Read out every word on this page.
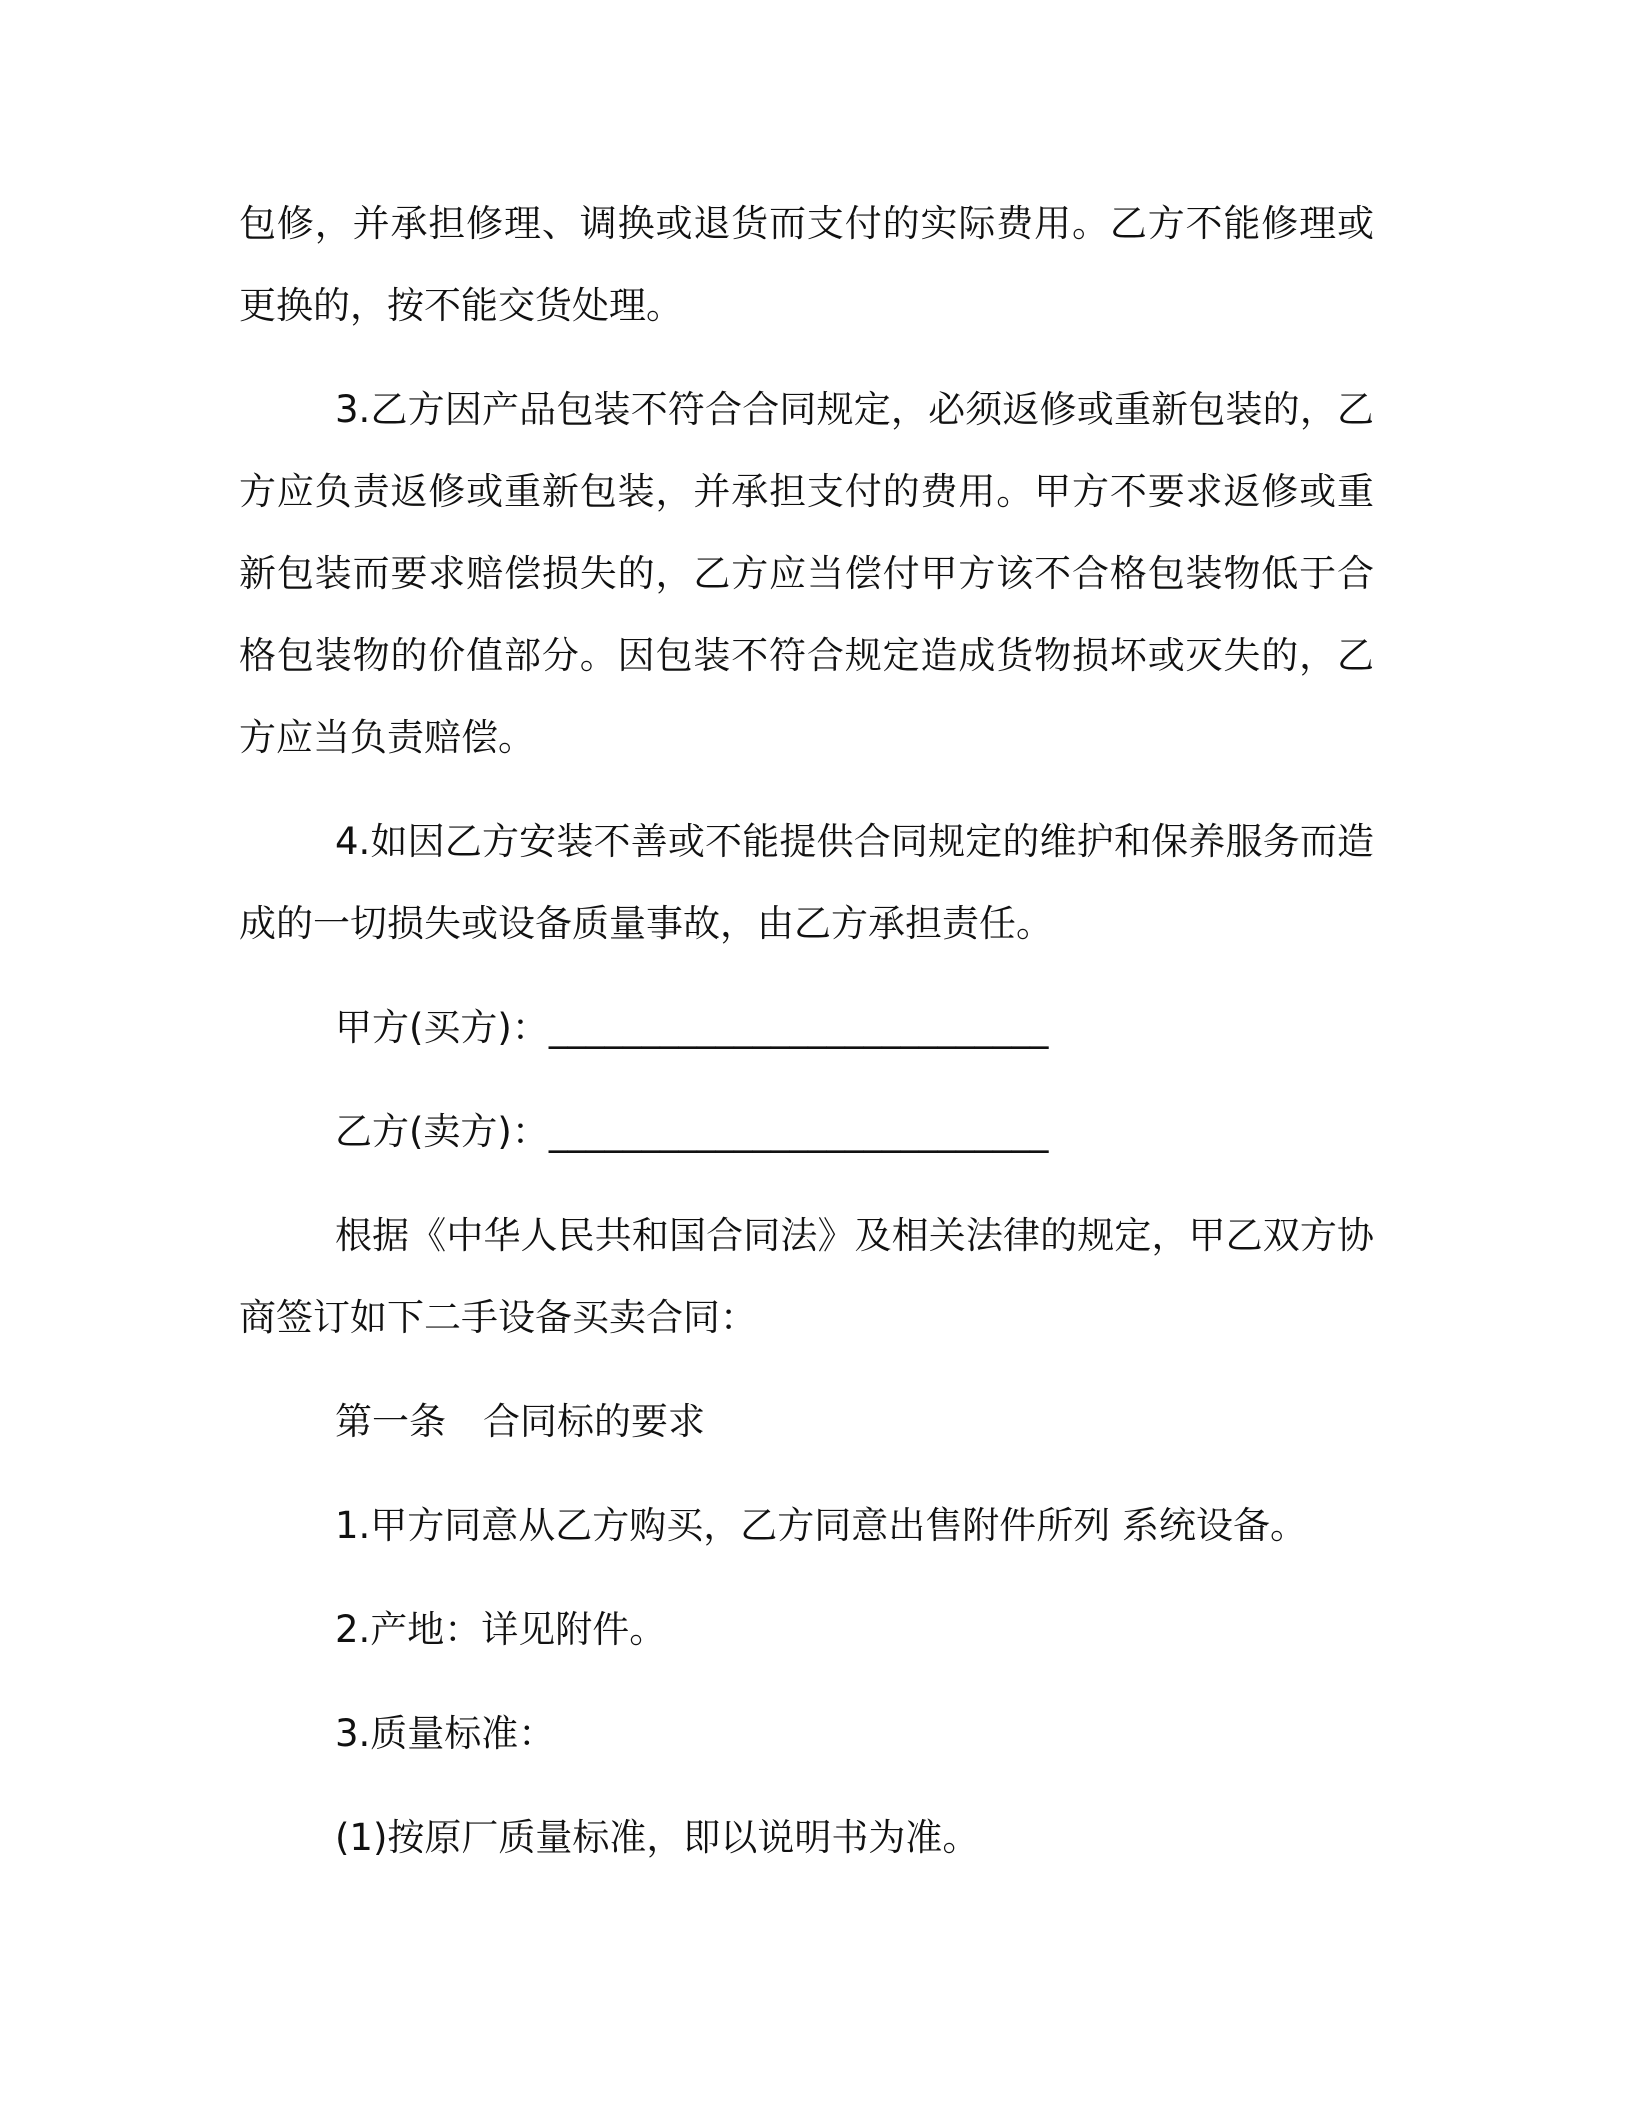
包修，并承担修理、调换或退货而支付的实际费用。乙方不能修理或更换的，按不能交货处理。

3.乙方因产品包装不符合合同规定，必须返修或重新包装的，乙方应负责返修或重新包装，并承担支付的费用。甲方不要求返修或重新包装而要求赔偿损失的，乙方应当偿付甲方该不合格包装物低于合格包装物的价值部分。因包装不符合规定造成货物损坏或灭失的，乙方应当负责赔偿。

4.如因乙方安装不善或不能提供合同规定的维护和保养服务而造成的一切损失或设备质量事故，由乙方承担责任。

甲方(买方)：___________________________

乙方(卖方)：___________________________

根据《中华人民共和国合同法》及相关法律的规定，甲乙双方协商签订如下二手设备买卖合同：

第一条　合同标的要求

1.甲方同意从乙方购买，乙方同意出售附件所列 系统设备。

2.产地：详见附件。

3.质量标准：

(1)按原厂质量标准，即以说明书为准。
